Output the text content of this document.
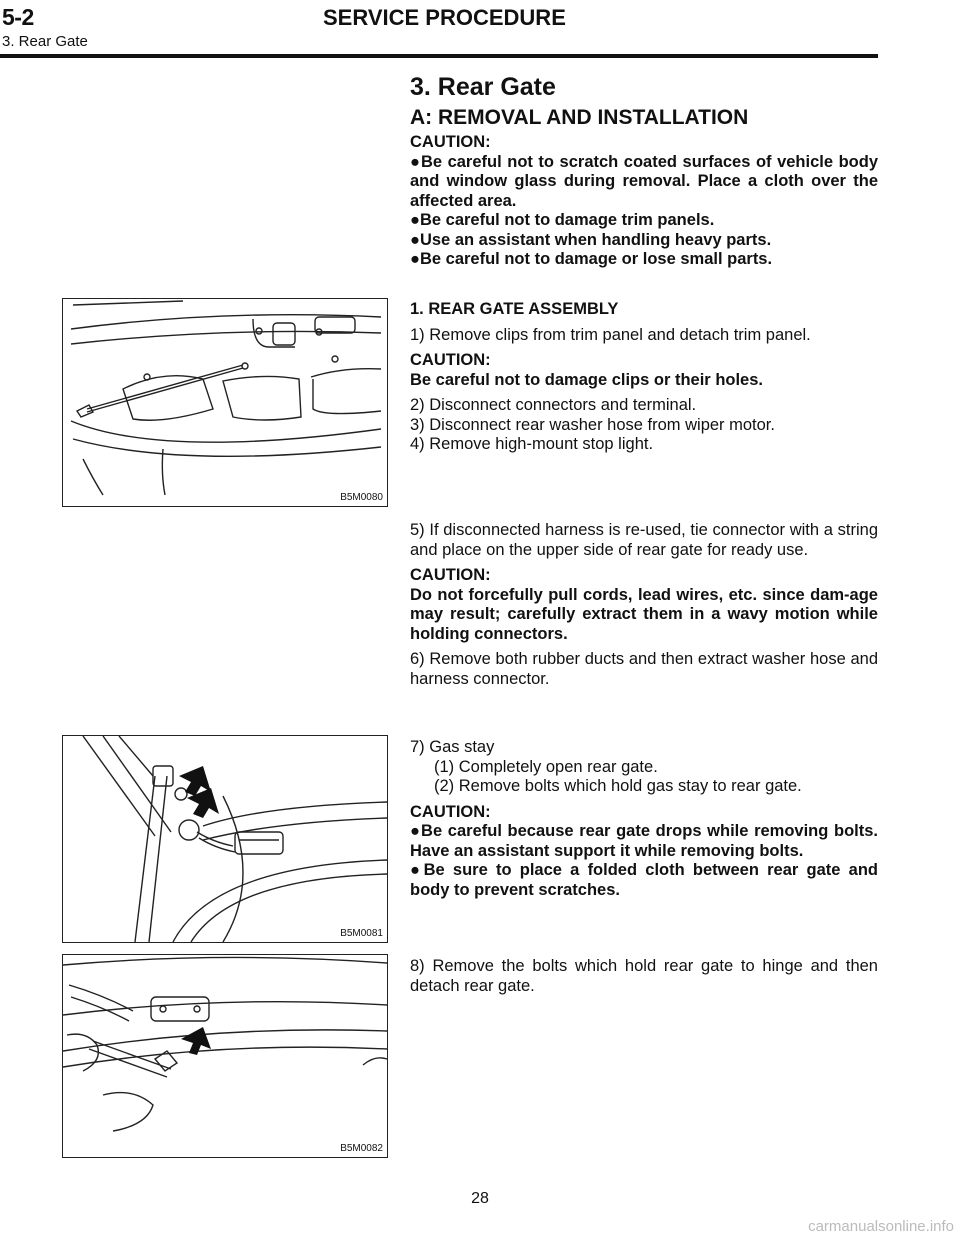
5-2	SERVICE PROCEDURE
3. Rear Gate

3. Rear Gate

A: REMOVAL AND INSTALLATION

CAUTION:

●Be careful not to scratch coated surfaces of vehicle body and window glass during removal. Place a cloth over the affected area.

●Be careful not to damage trim panels.

●Use an assistant when handling heavy parts.

●Be careful not to damage or lose small parts.

B5M0080

1. REAR GATE ASSEMBLY

1) Remove clips from trim panel and detach trim panel.

CAUTION:

Be careful not to damage clips or their holes.

2) Disconnect connectors and terminal.

3) Disconnect rear washer hose from wiper motor.

4) Remove high-mount stop light.

5) If disconnected harness is re-used, tie connector with a string and place on the upper side of rear gate for ready use.

CAUTION:

Do not forcefully pull cords, lead wires, etc. since dam-age may result; carefully extract them in a wavy motion while holding connectors.

6) Remove both rubber ducts and then extract washer hose and harness connector.

B5M0081

7) Gas stay

(1) Completely open rear gate.

(2) Remove bolts which hold gas stay to rear gate.

CAUTION:

●Be careful because rear gate drops while removing bolts. Have an assistant support it while removing bolts.

●Be sure to place a folded cloth between rear gate and body to prevent scratches.

B5M0082

8) Remove the bolts which hold rear gate to hinge and then detach rear gate.

28
carmanualsonline.info
